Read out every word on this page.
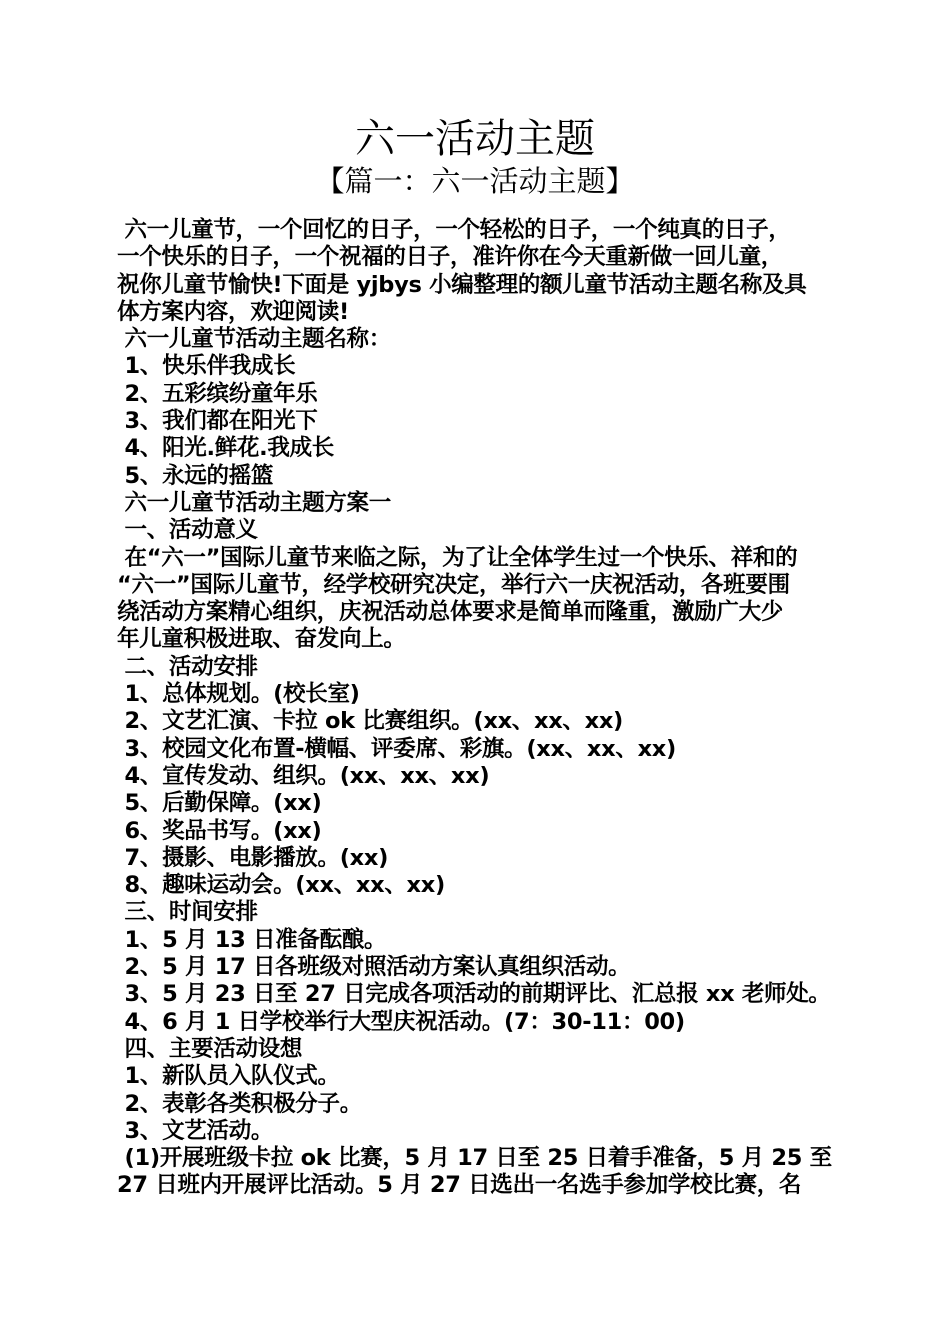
六一活动主题
【篇一：六一活动主题】
六一儿童节，一个回忆的日子，一个轻松的日子，一个纯真的日子，
一个快乐的日子，一个祝福的日子，准许你在今天重新做一回儿童，
祝你儿童节愉快!下面是 yjbys 小编整理的额儿童节活动主题名称及具
体方案内容，欢迎阅读!
六一儿童节活动主题名称：
1、快乐伴我成长
2、五彩缤纷童年乐
3、我们都在阳光下
4、阳光.鲜花.我成长
5、永远的摇篮
六一儿童节活动主题方案一
一、活动意义
在“六一”国际儿童节来临之际，为了让全体学生过一个快乐、祥和的
“六一”国际儿童节，经学校研究决定，举行六一庆祝活动，各班要围
绕活动方案精心组织，庆祝活动总体要求是简单而隆重，激励广大少
年儿童积极进取、奋发向上。
二、活动安排
1、总体规划。(校长室)
2、文艺汇演、卡拉 ok 比赛组织。(xx、xx、xx)
3、校园文化布置-横幅、评委席、彩旗。(xx、xx、xx)
4、宣传发动、组织。(xx、xx、xx)
5、后勤保障。(xx)
6、奖品书写。(xx)
7、摄影、电影播放。(xx)
8、趣味运动会。(xx、xx、xx)
三、时间安排
1、5 月 13 日准备酝酿。
2、5 月 17 日各班级对照活动方案认真组织活动。
3、5 月 23 日至 27 日完成各项活动的前期评比、汇总报 xx 老师处。
4、6 月 1 日学校举行大型庆祝活动。(7：30-11：00)
四、主要活动设想
1、新队员入队仪式。
2、表彰各类积极分子。
3、文艺活动。
(1)开展班级卡拉 ok 比赛，5 月 17 日至 25 日着手准备，5 月 25 至
27 日班内开展评比活动。5 月 27 日选出一名选手参加学校比赛，名
